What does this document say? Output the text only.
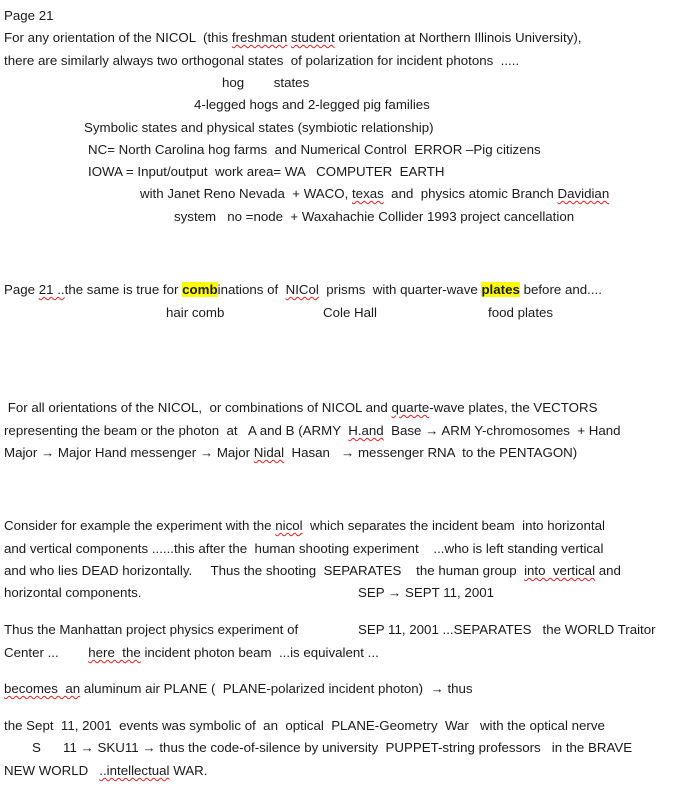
Page 21
For any orientation of the NICOL  (this freshman student orientation at Northern Illinois University),
there are similarly always two orthogonal states  of polarization for incident photons  .....
hog        states
4-legged hogs and 2-legged pig families
Symbolic states and physical states (symbiotic relationship)
NC= North Carolina hog farms  and Numerical Control  ERROR –Pig citizens
IOWA = Input/output  work area= WA   COMPUTER  EARTH
with Janet Reno Nevada  + WACO, texas  and  physics atomic Branch Davidian
system   no =node  + Waxahachie Collider 1993 project cancellation
Page 21 ..the same is true for combinations of  NICol  prisms  with quarter-wave plates before and....
hair comb	Cole Hall	food plates
For all orientations of the NICOL,  or combinations of NICOL and quarte-wave plates, the VECTORS
representing the beam or the photon  at   A and B (ARMY  H.and  Base → ARM Y-chromosomes  + Hand
Major → Major Hand messenger → Major Nidal  Hasan   → messenger RNA  to the PENTAGON)
Consider for example the experiment with the nicol  which separates the incident beam  into horizontal
and vertical components ......this after the  human shooting experiment    ...who is left standing vertical
and who lies DEAD horizontally.     Thus the shooting  SEPARATES    the human group  into  vertical and
horizontal components.	SEP → SEPT 11, 2001
Thus the Manhattan project physics experiment of	SEP 11, 2001 ...SEPARATES   the WORLD Traitor
Center ...        here  the incident photon beam  ...is equivalent ...
becomes  an aluminum air PLANE (  PLANE-polarized incident photon)  → thus
the Sept  11, 2001  events was symbolic of  an  optical  PLANE-Geometry  War   with the optical nerve
S      11 → SKU11 → thus the code-of-silence by university  PUPPET-string professors   in the BRAVE
NEW WORLD   ..intellectual WAR.
